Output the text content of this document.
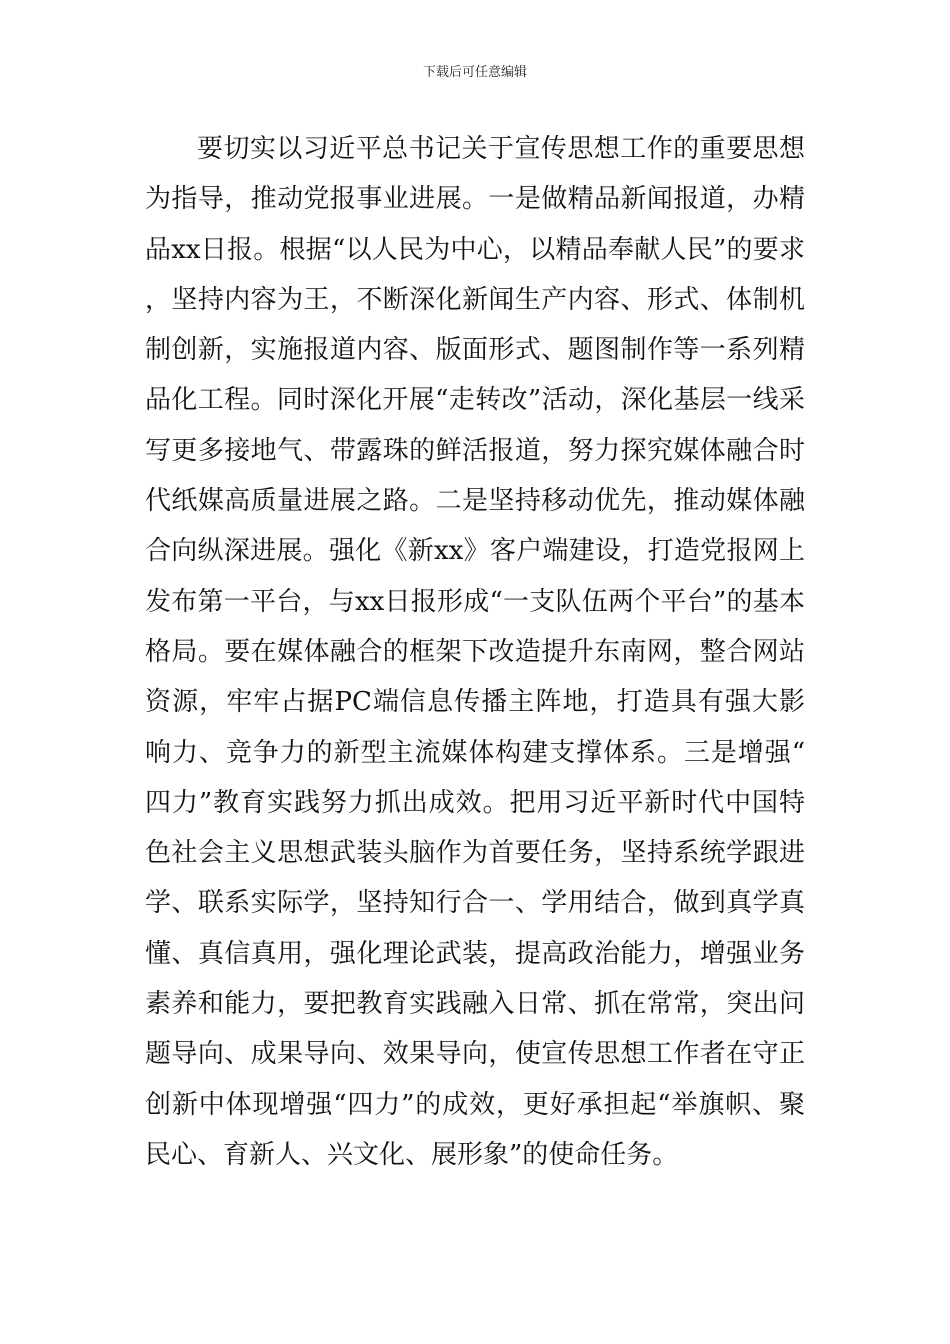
下载后可任意编辑

要切实以习近平总书记关于宣传思想工作的重要思想为指导，推动党报事业进展。一是做精品新闻报道，办精品xx日报。根据“以人民为中心，以精品奉献人民”的要求，坚持内容为王，不断深化新闻生产内容、形式、体制机制创新，实施报道内容、版面形式、题图制作等一系列精品化工程。同时深化开展“走转改”活动，深化基层一线采写更多接地气、带露珠的鲜活报道，努力探究媒体融合时代纸媒高质量进展之路。二是坚持移动优先，推动媒体融合向纵深进展。强化《新xx》客户端建设，打造党报网上发布第一平台，与xx日报形成“一支队伍两个平台”的基本格局。要在媒体融合的框架下改造提升东南网，整合网站资源，牢牢占据PC端信息传播主阵地，打造具有强大影响力、竞争力的新型主流媒体构建支撑体系。三是增强“四力”教育实践努力抓出成效。把用习近平新时代中国特色社会主义思想武装头脑作为首要任务，坚持系统学跟进学、联系实际学，坚持知行合一、学用结合，做到真学真懂、真信真用，强化理论武装，提高政治能力，增强业务素养和能力，要把教育实践融入日常、抓在常常，突出问题导向、成果导向、效果导向，使宣传思想工作者在守正创新中体现增强“四力”的成效，更好承担起“举旗帜、聚民心、育新人、兴文化、展形象”的使命任务。
